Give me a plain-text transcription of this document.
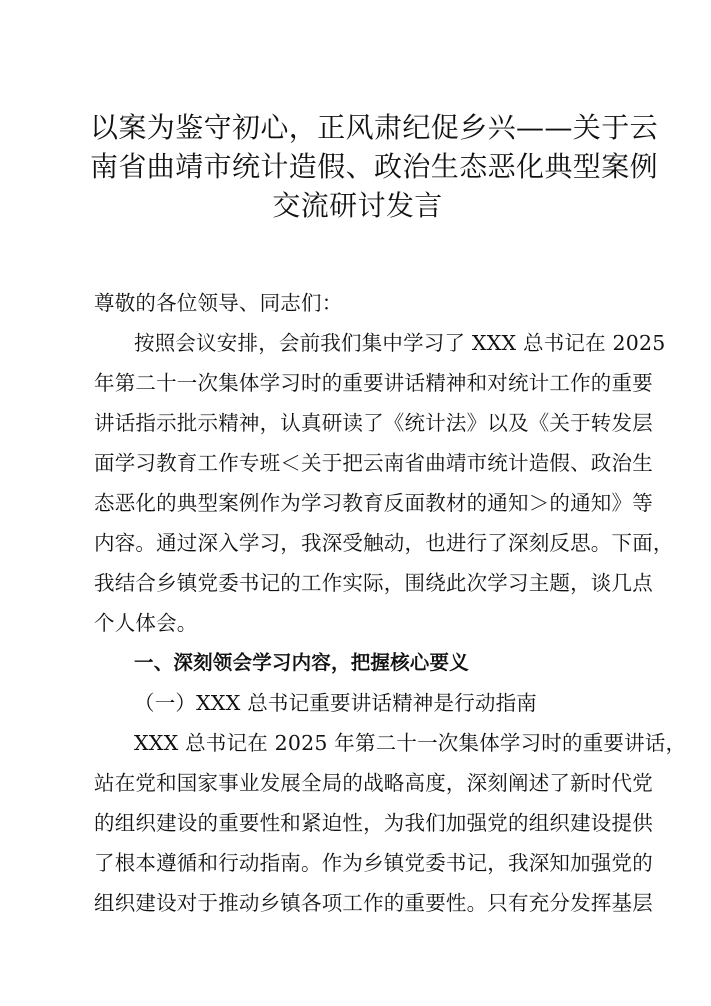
以案为鉴守初心，正风肃纪促乡兴——关于云
南省曲靖市统计造假、政治生态恶化典型案例
交流研讨发言
尊敬的各位领导、同志们：
按照会议安排，会前我们集中学习了 XXX 总书记在 2025
年第二十一次集体学习时的重要讲话精神和对统计工作的重要
讲话指示批示精神，认真研读了《统计法》以及《关于转发层
面学习教育工作专班＜关于把云南省曲靖市统计造假、政治生
态恶化的典型案例作为学习教育反面教材的通知＞的通知》等
内容。通过深入学习，我深受触动，也进行了深刻反思。下面，
我结合乡镇党委书记的工作实际，围绕此次学习主题，谈几点
个人体会。
一、深刻领会学习内容，把握核心要义
（一）XXX 总书记重要讲话精神是行动指南
XXX 总书记在 2025 年第二十一次集体学习时的重要讲话，
站在党和国家事业发展全局的战略高度，深刻阐述了新时代党
的组织建设的重要性和紧迫性，为我们加强党的组织建设提供
了根本遵循和行动指南。作为乡镇党委书记，我深知加强党的
组织建设对于推动乡镇各项工作的重要性。只有充分发挥基层
